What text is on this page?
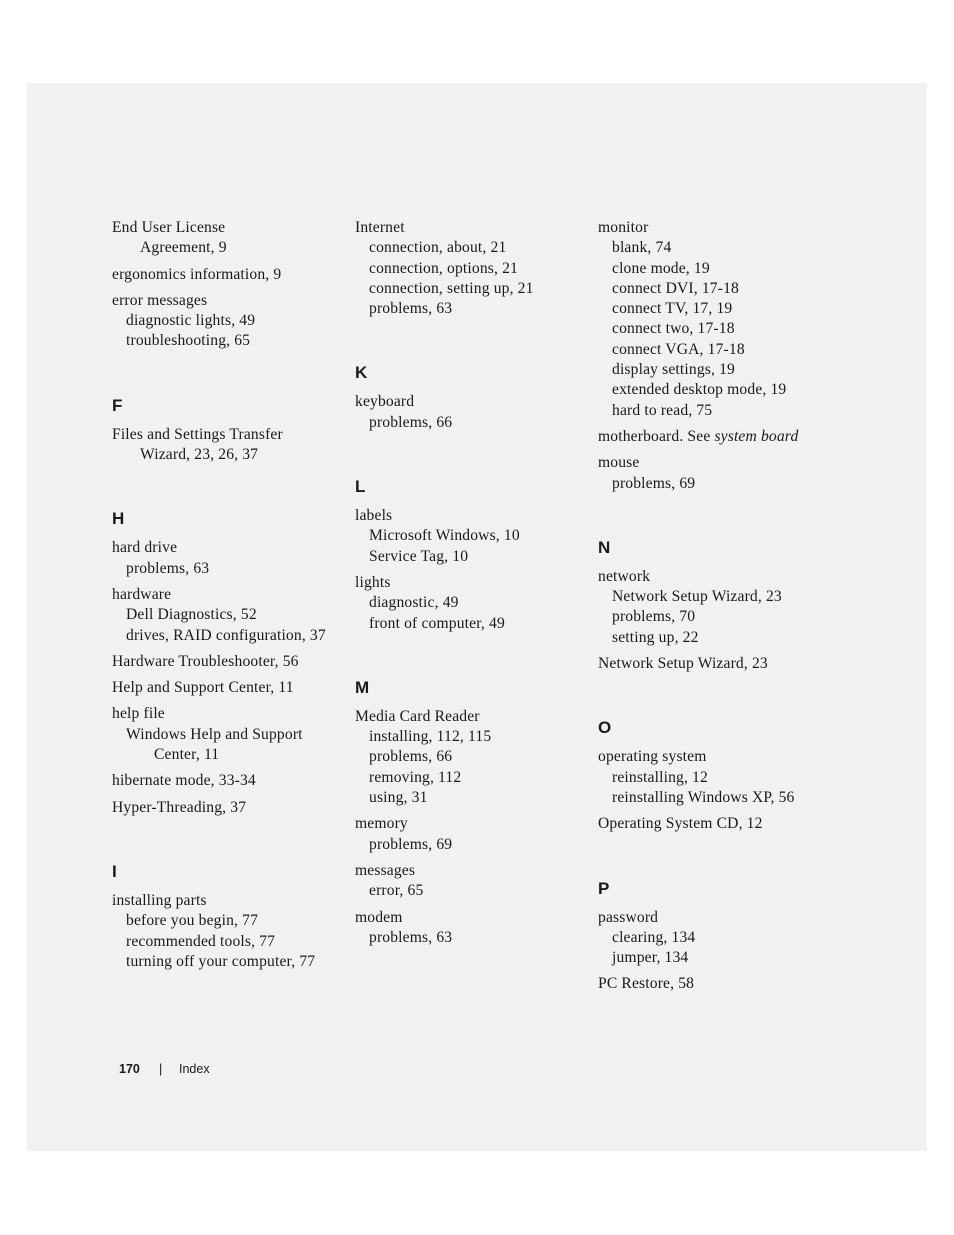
End User License
Agreement, 9
ergonomics information, 9
error messages
diagnostic lights, 49
troubleshooting, 65
F
Files and Settings Transfer
Wizard, 23, 26, 37
H
hard drive
problems, 63
hardware
Dell Diagnostics, 52
drives, RAID configuration, 37
Hardware Troubleshooter, 56
Help and Support Center, 11
help file
Windows Help and Support
Center, 11
hibernate mode, 33-34
Hyper-Threading, 37
I
installing parts
before you begin, 77
recommended tools, 77
turning off your computer, 77
Internet
connection, about, 21
connection, options, 21
connection, setting up, 21
problems, 63
K
keyboard
problems, 66
L
labels
Microsoft Windows, 10
Service Tag, 10
lights
diagnostic, 49
front of computer, 49
M
Media Card Reader
installing, 112, 115
problems, 66
removing, 112
using, 31
memory
problems, 69
messages
error, 65
modem
problems, 63
monitor
blank, 74
clone mode, 19
connect DVI, 17-18
connect TV, 17, 19
connect two, 17-18
connect VGA, 17-18
display settings, 19
extended desktop mode, 19
hard to read, 75
motherboard. See system board
mouse
problems, 69
N
network
Network Setup Wizard, 23
problems, 70
setting up, 22
Network Setup Wizard, 23
O
operating system
reinstalling, 12
reinstalling Windows XP, 56
Operating System CD, 12
P
password
clearing, 134
jumper, 134
PC Restore, 58
170 | Index
